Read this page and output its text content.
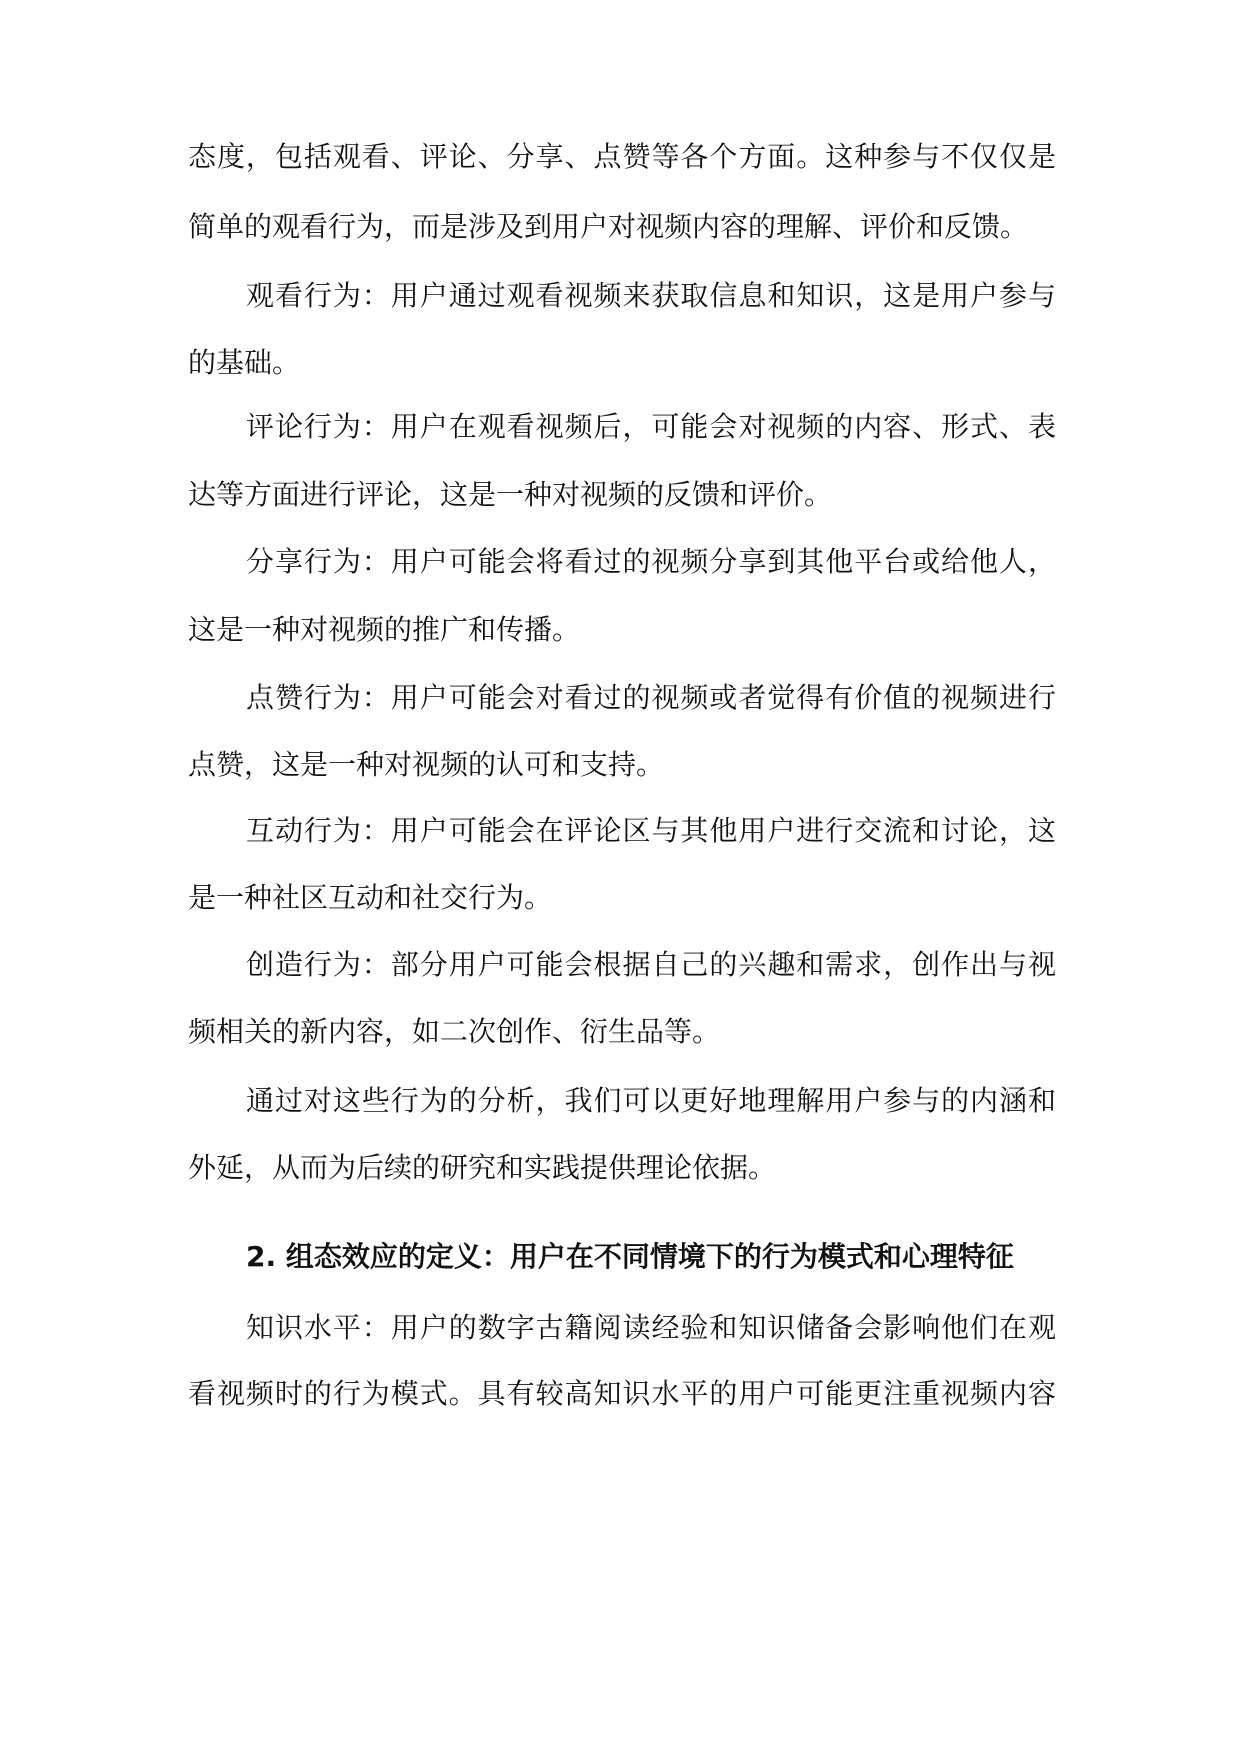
态度，包括观看、评论、分享、点赞等各个方面。这种参与不仅仅是
简单的观看行为，而是涉及到用户对视频内容的理解、评价和反馈。
观看行为：用户通过观看视频来获取信息和知识，这是用户参与
的基础。
评论行为：用户在观看视频后，可能会对视频的内容、形式、表
达等方面进行评论，这是一种对视频的反馈和评价。
分享行为：用户可能会将看过的视频分享到其他平台或给他人，
这是一种对视频的推广和传播。
点赞行为：用户可能会对看过的视频或者觉得有价值的视频进行
点赞，这是一种对视频的认可和支持。
互动行为：用户可能会在评论区与其他用户进行交流和讨论，这
是一种社区互动和社交行为。
创造行为：部分用户可能会根据自己的兴趣和需求，创作出与视
频相关的新内容，如二次创作、衍生品等。
通过对这些行为的分析，我们可以更好地理解用户参与的内涵和
外延，从而为后续的研究和实践提供理论依据。
2. 组态效应的定义：用户在不同情境下的行为模式和心理特征
知识水平：用户的数字古籍阅读经验和知识储备会影响他们在观
看视频时的行为模式。具有较高知识水平的用户可能更注重视频内容
